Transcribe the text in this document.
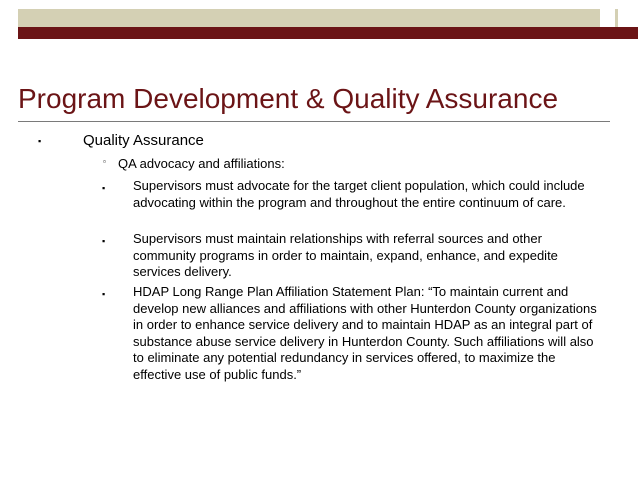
Program Development & Quality Assurance
▪	Quality Assurance
▫ QA advocacy and affiliations:
▪ Supervisors must advocate for the target client population, which could include advocating within the program and throughout the entire continuum of care.
▪ Supervisors must maintain relationships with referral sources and other community programs in order to maintain, expand, enhance, and expedite services delivery.
▪ HDAP Long Range Plan Affiliation Statement Plan: “To maintain current and develop new alliances and affiliations with other Hunterdon County organizations in order to enhance service delivery and to maintain HDAP as an integral part of substance abuse service delivery in Hunterdon County. Such affiliations will also to eliminate any potential redundancy in services offered, to maximize the effective use of public funds.”
